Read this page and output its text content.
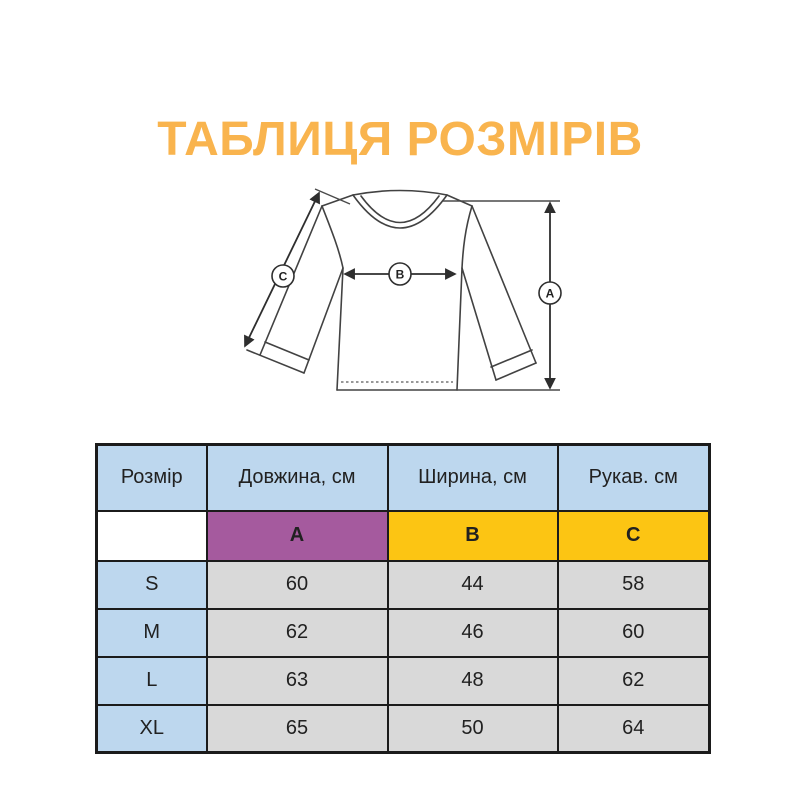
ТАБЛИЦЯ РОЗМІРІВ
C	B
A
Розмір	Довжина, см	Ширина, см	Рукав. см
	A	B	C
S	60	44	58
M	62	46	60
L	63	48	62
XL	65	50	64
